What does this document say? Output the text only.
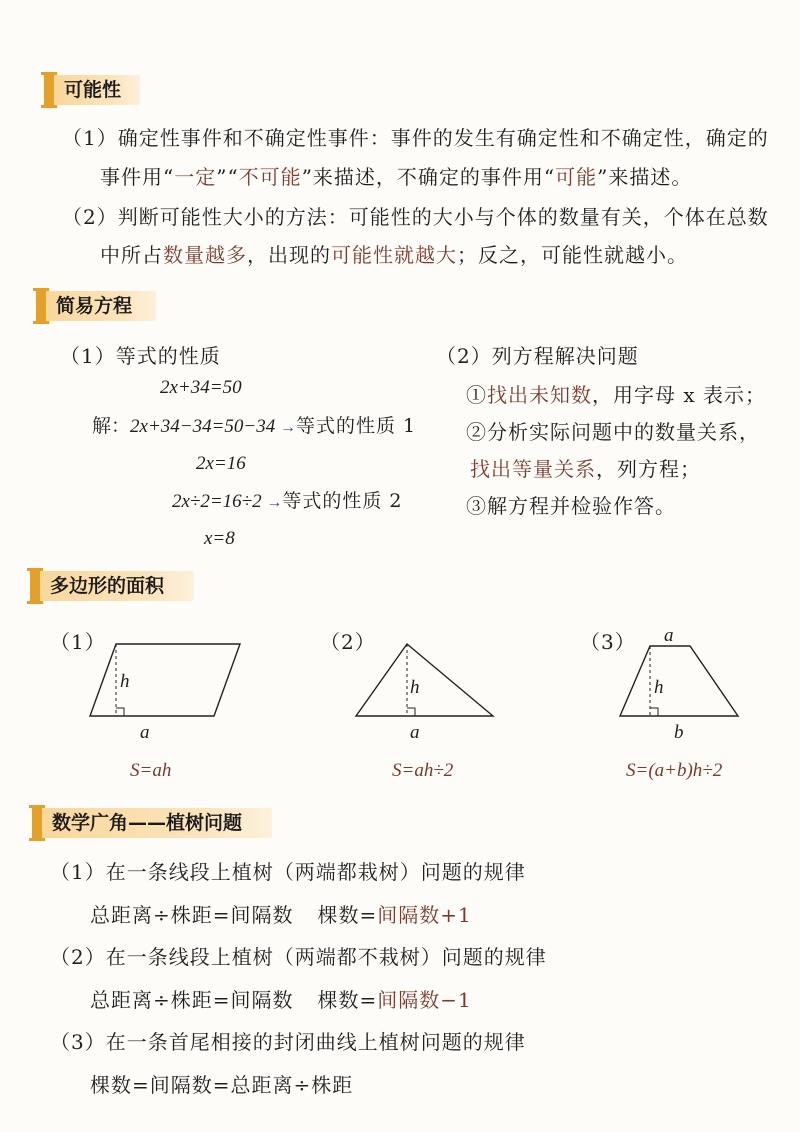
可能性
（1）确定性事件和不确定性事件：事件的发生有确定性和不确定性，确定的
事件用“一定”“不可能”来描述，不确定的事件用“可能”来描述。
（2）判断可能性大小的方法：可能性的大小与个体的数量有关，个体在总数
中所占数量越多，出现的可能性就越大；反之，可能性就越小。
简易方程
（1）等式的性质
2x+34=50
解：2x+34−34=50−34 →等式的性质 1
2x=16
2x÷2=16÷2 →等式的性质 2
x=8
（2）列方程解决问题
①找出未知数，用字母 x 表示；
②分析实际问题中的数量关系，
找出等量关系，列方程；
③解方程并检验作答。
多边形的面积
（1）
h
a
S=ah
（2）
h
a
S=ah÷2
（3） a
h
b
S=(a+b)h÷2
数学广角——植树问题
（1）在一条线段上植树（两端都栽树）问题的规律
总距离÷株距=间隔数 棵数=间隔数+1
（2）在一条线段上植树（两端都不栽树）问题的规律
总距离÷株距=间隔数 棵数=间隔数−1
（3）在一条首尾相接的封闭曲线上植树问题的规律
棵数=间隔数=总距离÷株距
